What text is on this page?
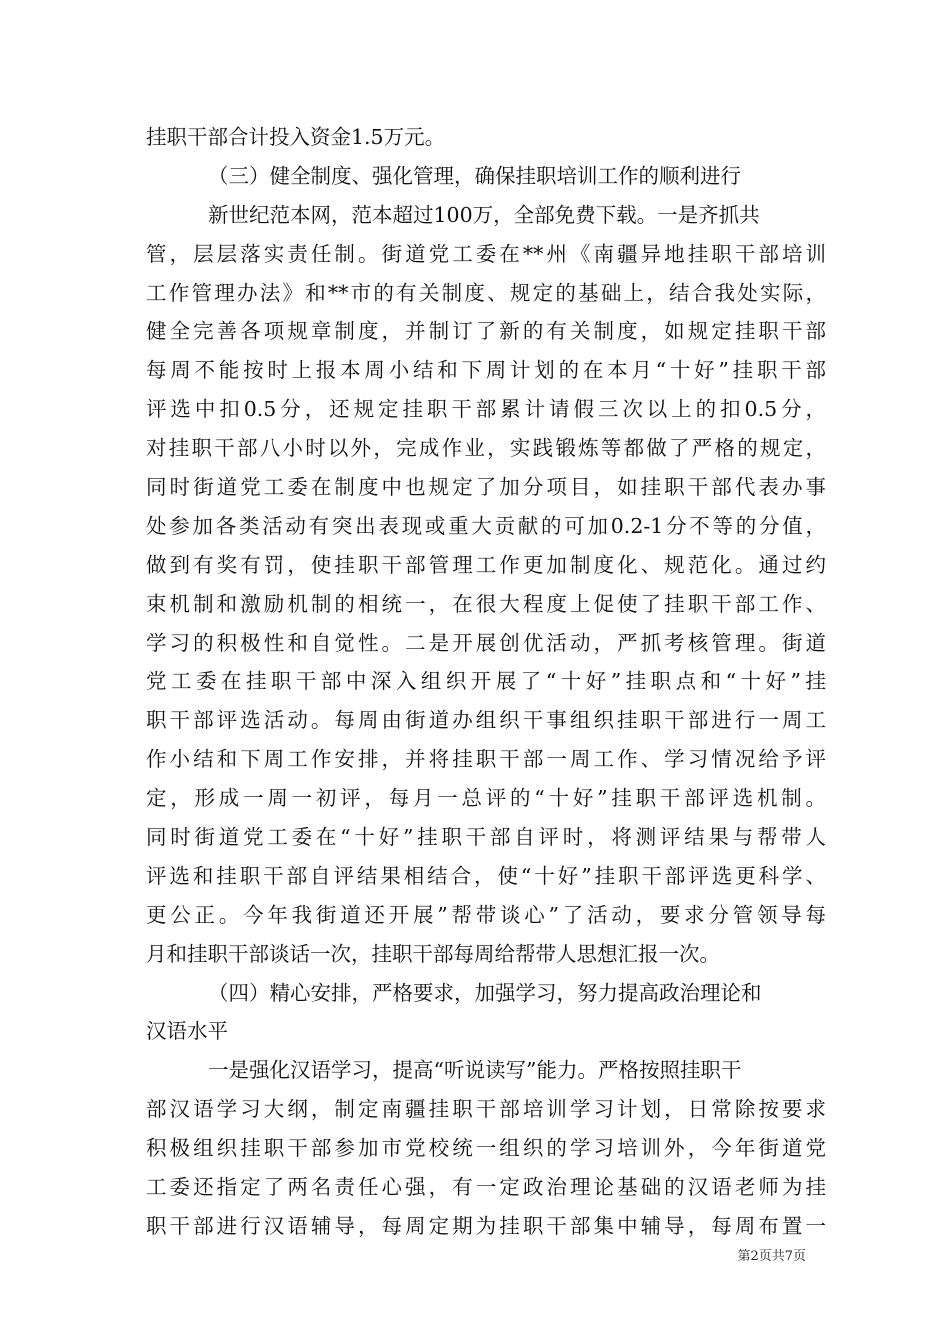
挂职干部合计投入资金1.5万元。
（三）健全制度、强化管理，确保挂职培训工作的顺利进行
新世纪范本网，范本超过100万，全部免费下载。一是齐抓共
管，层层落实责任制。街道党工委在**州《南疆异地挂职干部培训
工作管理办法》和**市的有关制度、规定的基础上，结合我处实际，
健全完善各项规章制度，并制订了新的有关制度，如规定挂职干部
每周不能按时上报本周小结和下周计划的在本月“十好”挂职干部
评选中扣0.5分，还规定挂职干部累计请假三次以上的扣0.5分，
对挂职干部八小时以外，完成作业，实践锻炼等都做了严格的规定，
同时街道党工委在制度中也规定了加分项目，如挂职干部代表办事
处参加各类活动有突出表现或重大贡献的可加0.2-1分不等的分值，
做到有奖有罚，使挂职干部管理工作更加制度化、规范化。通过约
束机制和激励机制的相统一，在很大程度上促使了挂职干部工作、
学习的积极性和自觉性。二是开展创优活动，严抓考核管理。街道
党工委在挂职干部中深入组织开展了“十好”挂职点和“十好”挂
职干部评选活动。每周由街道办组织干事组织挂职干部进行一周工
作小结和下周工作安排，并将挂职干部一周工作、学习情况给予评
定，形成一周一初评，每月一总评的“十好”挂职干部评选机制。
同时街道党工委在“十好”挂职干部自评时，将测评结果与帮带人
评选和挂职干部自评结果相结合，使“十好”挂职干部评选更科学、
更公正。今年我街道还开展”帮带谈心”了活动，要求分管领导每
月和挂职干部谈话一次，挂职干部每周给帮带人思想汇报一次。
（四）精心安排，严格要求，加强学习，努力提高政治理论和
汉语水平
一是强化汉语学习，提高“听说读写”能力。严格按照挂职干
部汉语学习大纲，制定南疆挂职干部培训学习计划，日常除按要求
积极组织挂职干部参加市党校统一组织的学习培训外，今年街道党
工委还指定了两名责任心强，有一定政治理论基础的汉语老师为挂
职干部进行汉语辅导，每周定期为挂职干部集中辅导，每周布置一
第2页共7页
